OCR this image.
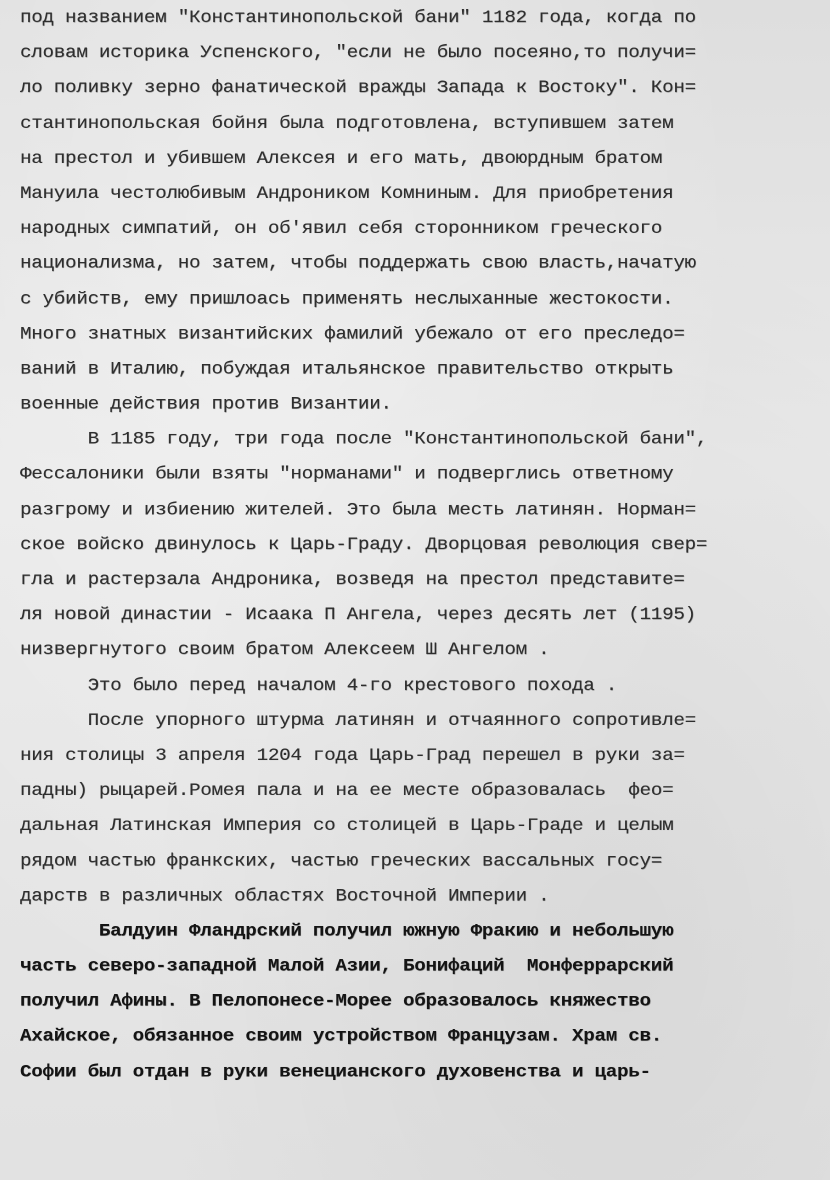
под названием "Константинопольской бани" 1182 года, когда по
словам историка Успенского, "если не было посеяно,то получи=
ло поливку зерно фанатической вражды Запада к Востоку". Кон=
стантинопольская бойня была подготовлена, вступившем затем
на престол и убившем Алексея и его мать, двоюрдным братом
Мануила честолюбивым Андроником Комниным. Для приобретения
народных симпатий, он об'явил себя сторонником греческого
национализма, но затем, чтобы поддержать свою власть,начатую
с убийств, ему пришлоась применять неслыханные жестокости.
Много знатных византийских фамилий убежало от его преследо=
ваний в Италию, побуждая итальянское правительство открыть
военные действия против Византии.
В 1185 году, три года после "Константинопольской бани",
Фессалоники были взяты "норманами" и подверглись ответному
разгрому и избиению жителей. Это была месть латинян. Норман=
ское войско двинулось к Царь-Граду. Дворцовая революция свер=
гла и растерзала Андроника, возведя на престол представите=
ля новой династии - Исаака П Ангела, через десять лет (1195)
низвергнутого своим братом Алексеем Ш Ангелом .
Это было перед началом 4-го крестового похода .
После упорного штурма латинян и отчаянного сопротивле=
ния столицы 3 апреля 1204 года Царь-Град перешел в руки за=
падны) рыцарей.Ромея пала и на ее месте образовалась  фео=
дальная Латинская Империя со столицей в Царь-Граде и целым
рядом частью франкских, частью греческих вассальных госу=
дарств в различных областях Восточной Империи .
Балдуин Фландрский получил южную Фракию и небольшую
часть северо-западной Малой Азии, Бонифаций  Монферрарский
получил Афины. В Пелопонесе-Морее образовалось княжество
Ахайское, обязанное своим устройством Французам. Храм св.
Софии был отдан в руки венецианского духовенства и царь-
